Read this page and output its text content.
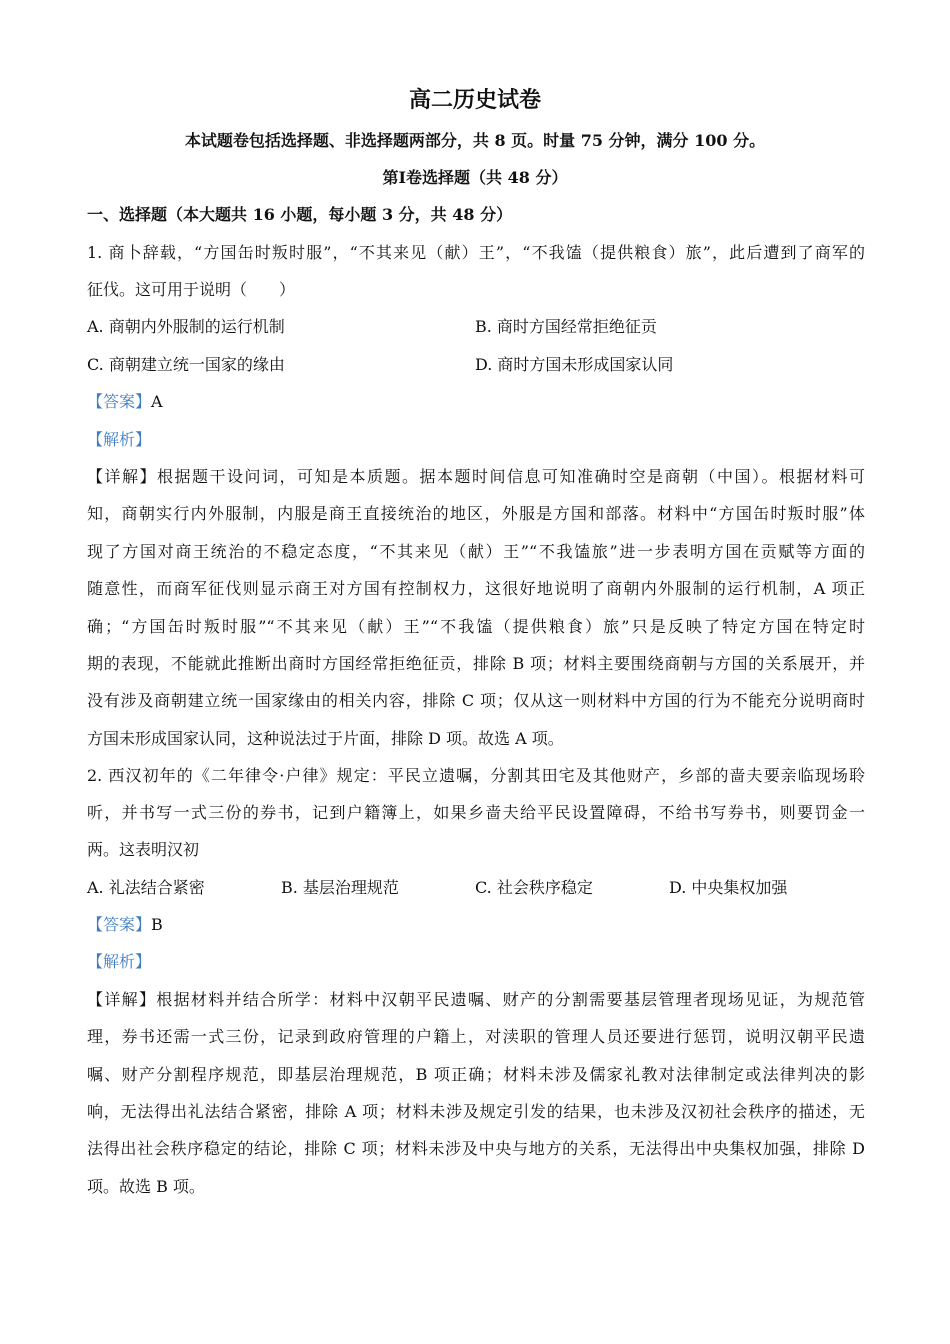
高二历史试卷
本试题卷包括选择题、非选择题两部分，共 8 页。时量 75 分钟，满分 100 分。
第Ⅰ卷选择题（共 48 分）
一、选择题（本大题共 16 小题，每小题 3 分，共 48 分）
1. 商卜辞载，“方国缶时叛时服”，“不其来见（献）王”，“不我馌（提供粮食）旅”，此后遭到了商军的
征伐。这可用于说明（　　）
A. 商朝内外服制的运行机制	B. 商时方国经常拒绝征贡
C. 商朝建立统一国家的缘由	D. 商时方国未形成国家认同
【答案】A
【解析】
【详解】根据题干设问词，可知是本质题。据本题时间信息可知准确时空是商朝（中国）。根据材料可
知，商朝实行内外服制，内服是商王直接统治的地区，外服是方国和部落。材料中“方国缶时叛时服”体
现了方国对商王统治的不稳定态度，“不其来见（献）王”“不我馌旅”进一步表明方国在贡赋等方面的
随意性，而商军征伐则显示商王对方国有控制权力，这很好地说明了商朝内外服制的运行机制，A 项正
确；“方国缶时叛时服”“不其来见（献）王”“不我馌（提供粮食）旅”只是反映了特定方国在特定时
期的表现，不能就此推断出商时方国经常拒绝征贡，排除 B 项；材料主要围绕商朝与方国的关系展开，并
没有涉及商朝建立统一国家缘由的相关内容，排除 C 项；仅从这一则材料中方国的行为不能充分说明商时
方国未形成国家认同，这种说法过于片面，排除 D 项。故选 A 项。
2. 西汉初年的《二年律令·户律》规定：平民立遗嘱，分割其田宅及其他财产，乡部的啬夫要亲临现场聆
听，并书写一式三份的券书，记到户籍簿上，如果乡啬夫给平民设置障碍，不给书写券书，则要罚金一
两。这表明汉初
A. 礼法结合紧密	B. 基层治理规范	C. 社会秩序稳定	D. 中央集权加强
【答案】B
【解析】
【详解】根据材料并结合所学：材料中汉朝平民遗嘱、财产的分割需要基层管理者现场见证，为规范管
理，券书还需一式三份，记录到政府管理的户籍上，对渎职的管理人员还要进行惩罚，说明汉朝平民遗
嘱、财产分割程序规范，即基层治理规范，B 项正确；材料未涉及儒家礼教对法律制定或法律判决的影
响，无法得出礼法结合紧密，排除 A 项；材料未涉及规定引发的结果，也未涉及汉初社会秩序的描述，无
法得出社会秩序稳定的结论，排除 C 项；材料未涉及中央与地方的关系，无法得出中央集权加强，排除 D
项。故选 B 项。
